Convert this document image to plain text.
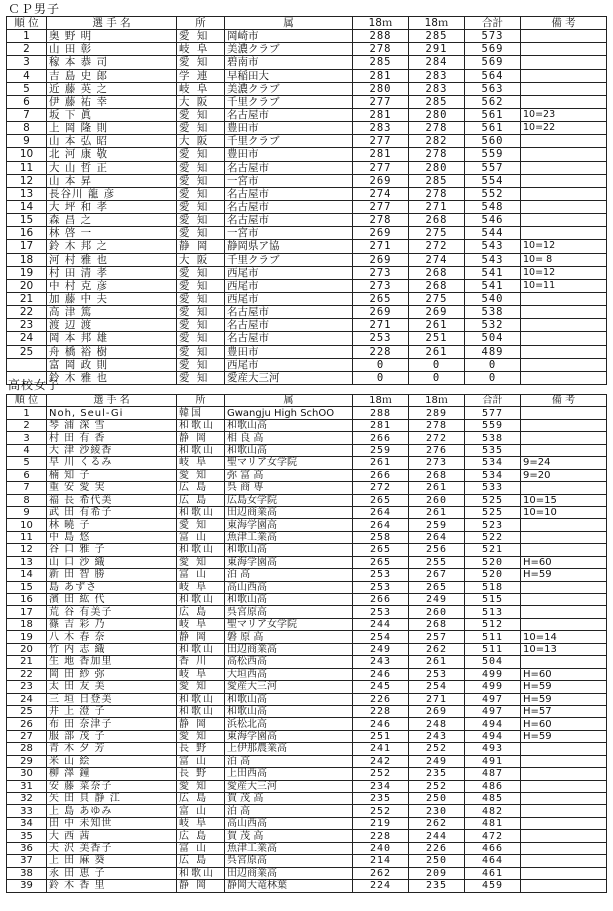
ＣＰ男子
順 位	選 手 名	所	属	18ｍ	18ｍ	合計	備 考
1	奥 野 明	愛 知	岡崎市	288	285	573	
2	山 田 彰	岐 阜	美濃クラブ	278	291	569	
3	稼 本 恭 司	愛 知	碧南市	285	284	569	
4	吉 島 史 郎	学 連	早稲田大	281	283	564	
5	近 藤 英 之	岐 阜	美濃クラブ	280	283	563	
6	伊 藤 祐 幸	大 阪	千里クラブ	277	285	562	
7	坂 下 眞	愛 知	名古屋市	281	280	561	10=23
8	上 岡 隆 則	愛 知	豊田市	283	278	561	10=22
9	山 本 弘 昭	大 阪	千里クラブ	277	282	560	
10	北 河 康 敬	愛 知	豊田市	281	278	559	
11	大 山 哲 正	愛 知	名古屋市	277	280	557	
12	山 本 昇	愛 知	一宮市	269	285	554	
13	長谷川 龍 彦	愛 知	名古屋市	274	278	552	
14	大 坪 和 孝	愛 知	名古屋市	277	271	548	
15	森 昌 之	愛 知	名古屋市	278	268	546	
16	林 啓 一	愛 知	一宮市	269	275	544	
17	鈴 木 邦 之	静 岡	静岡県ア協	271	272	543	10=12
18	河 村 雅 也	大 阪	千里クラブ	269	274	543	10= 8
19	村 田 清 孝	愛 知	西尾市	273	268	541	10=12
20	中 村 克 彦	愛 知	西尾市	273	268	541	10=11
21	加 藤 中 夫	愛 知	西尾市	265	275	540	
22	高 津 篤	愛 知	名古屋市	269	269	538	
23	渡 辺 渡	愛 知	名古屋市	271	261	532	
24	岡 本 邦 雄	愛 知	名古屋市	253	251	504	
25	舟 橋 裕 樹	愛 知	豊田市	228	261	489	
	富 岡 政 則	愛 知	西尾市	0	0	0	
	鈴 木 雅 也	愛 知	愛産大三河	0	0	0	
高校女子
順 位	選 手 名	所	属	18ｍ	18ｍ	合計	備 考
1	Noh, Seul-Gi	韓国	Gwangju High SchOO	288	289	577	
2	琴 浦 深 雪	和歌山	和歌山高	281	278	559	
3	村 田 有 香	静 岡	相 良 高	266	272	538	
4	大 津 沙綾香	和歌山	和歌山高	259	276	535	
5	早 川 くるみ	岐 阜	聖マリア女学院	261	273	534	9=24
6	楠 知 子	愛 知	弥 富 高	266	268	534	9=20
7	重 安 愛 実	広 島	呉 商 専	272	261	533	
8	福 長 希代美	広 島	広島女学院	265	260	525	10=15
9	武 田 有希子	和歌山	田辺商業高	264	261	525	10=10
10	林 曉 子	愛 知	東海学園高	264	259	523	
11	中 島 悠	富 山	魚津工業高	258	264	522	
12	谷 口 雅 子	和歌山	和歌山高	265	256	521	
13	山 口 沙 織	愛 知	東海学園高	265	255	520	H=60
14	新 田 智 勝	富 山	泊 高	253	267	520	H=59
15	島 あずさ	岐 阜	高山西高	253	265	518	
16	濱 田 紘 代	和歌山	和歌山高	266	249	515	
17	荒 谷 有美子	広 島	呉宮原高	253	260	513	
18	篠 吉 彩 乃	岐 阜	聖マリア女学院	244	268	512	
19	八 木 春 奈	静 岡	磐 原 高	254	257	511	10=14
20	竹 内 志 織	和歌山	田辺商業高	249	262	511	10=13
21	生 地 香加里	香 川	高松西高	243	261	504	
22	岡 田 紗 弥	岐 阜	大垣西高	246	253	499	H=60
23	太 田 友 美	愛 知	愛産大三河	245	254	499	H=59
24	三 垣 日登美	和歌山	和歌山高	226	271	497	H=59
25	井 上 澄 子	和歌山	和歌山高	228	269	497	H=57
26	布 田 奈津子	静 岡	浜松北高	246	248	494	H=60
27	服 部 茂 子	愛 知	東海学園高	251	243	494	H=59
28	青 木 夕 芳	長 野	上伊那農業高	241	252	493	
29	米 山 絵	富 山	泊 高	242	249	491	
30	柳 澤 鐘	長 野	上田西高	252	235	487	
31	安 藤 菜奈子	愛 知	愛産大三河	234	252	486	
32	矢 田 貝 静 江	広 島	賀 茂 高	235	250	485	
33	上 島 あゆみ	富 山	泊 高	252	230	482	
34	田 中 未知世	岐 阜	高山西高	219	262	481	
35	大 西 茜	広 島	賀 茂 高	228	244	472	
36	天 沢 美香子	富 山	魚津工業高	240	226	466	
37	上 田 麻 葵	広 島	呉宮原高	214	250	464	
38	永 田 恵 子	和歌山	田辺商業高	262	209	461	
39	鈴 木 香 里	静 岡	静岡大竜林葉	224	235	459	
